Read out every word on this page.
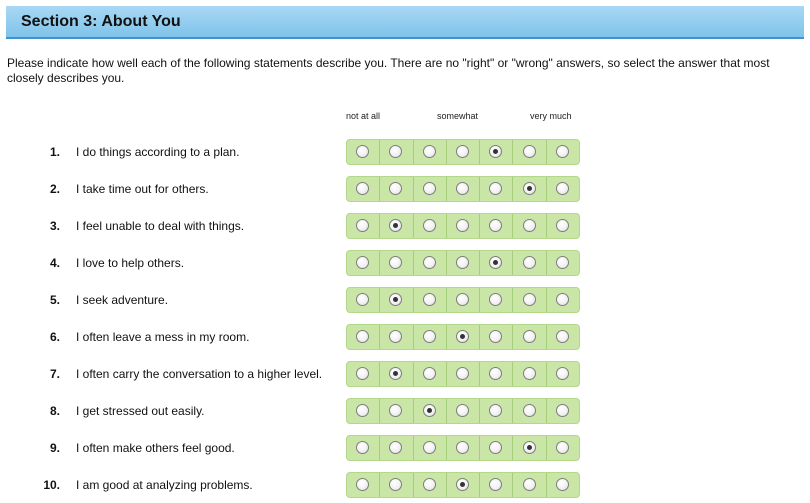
Section 3: About You
Please indicate how well each of the following statements describe you. There are no "right" or "wrong" answers, so select the answer that most closely describes you.
not at all	somewhat	very much
1. I do things according to a plan.
2. I take time out for others.
3. I feel unable to deal with things.
4. I love to help others.
5. I seek adventure.
6. I often leave a mess in my room.
7. I often carry the conversation to a higher level.
8. I get stressed out easily.
9. I often make others feel good.
10. I am good at analyzing problems.
